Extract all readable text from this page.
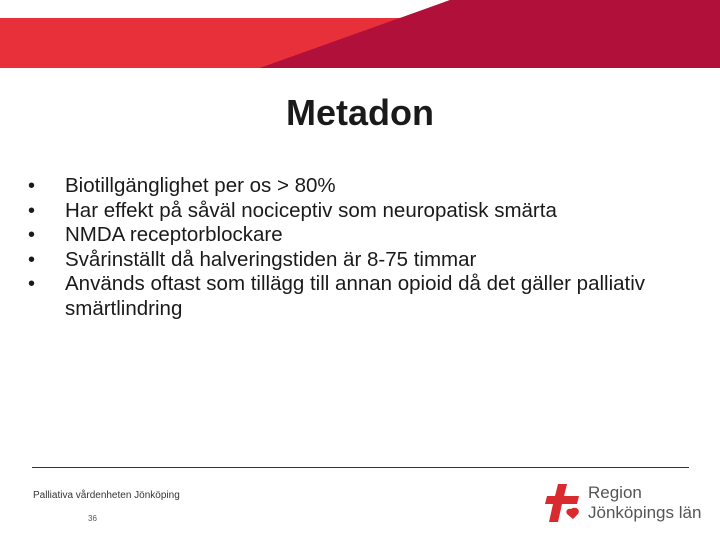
Metadon
• Biotillgänglighet per os > 80%
• Har effekt på såväl nociceptiv som neuropatisk smärta
• NMDA receptorblockare
• Svårinställt då halveringstiden är 8-75 timmar
• Används oftast som tillägg till annan opioid då det gäller palliativ smärtlindring
Palliativa vårdenheten Jönköping
36
Region
Jönköpings län
